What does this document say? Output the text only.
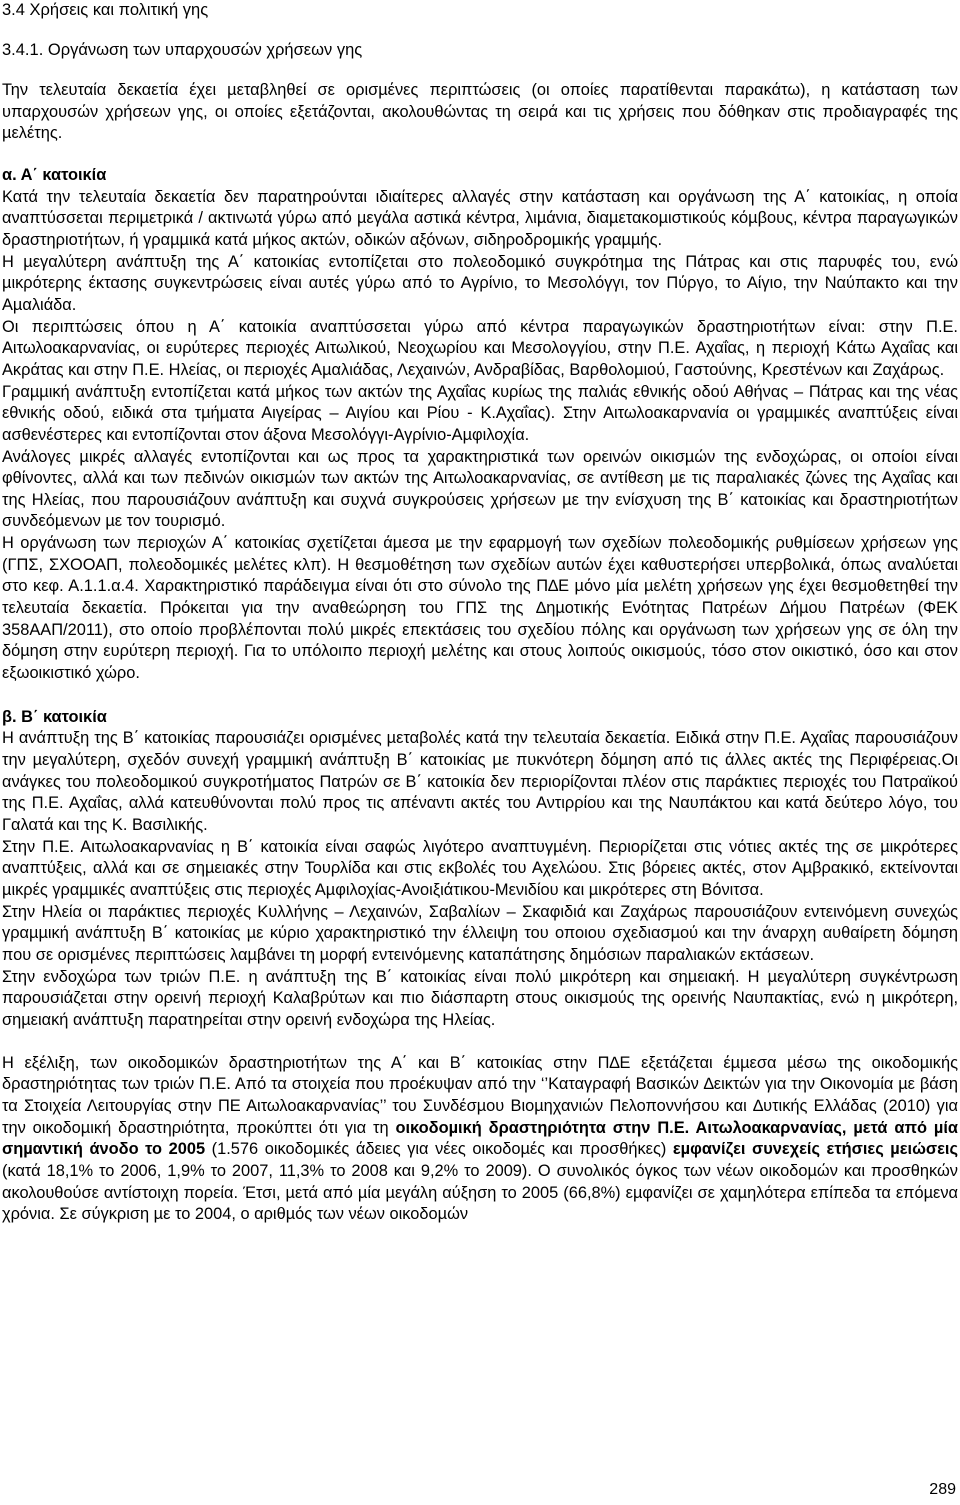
3.4 Χρήσεις και πολιτική γης
3.4.1. Οργάνωση των υπαρχουσών χρήσεων γης

Την τελευταία δεκαετία έχει µεταβληθεί σε ορισµένες περιπτώσεις (οι οποίες παρατίθενται παρακάτω), η κατάσταση των υπαρχουσών χρήσεων γης, οι οποίες εξετάζονται, ακολουθώντας τη σειρά και τις χρήσεις που δόθηκαν στις προδιαγραφές της µελέτης.

α. Α΄ κατοικία

Κατά την τελευταία δεκαετία δεν παρατηρούνται ιδιαίτερες αλλαγές στην κατάσταση και οργάνωση της Α΄ κατοικίας, η οποία αναπτύσσεται περιµετρικά / ακτινωτά γύρω από µεγάλα αστικά κέντρα, λιµάνια, διαµετακοµιστικούς κόµβους, κέντρα παραγωγικών δραστηριοτήτων, ή γραµµικά κατά µήκος ακτών, οδικών αξόνων, σιδηροδροµικής γραµµής.

Η µεγαλύτερη ανάπτυξη της Α΄ κατοικίας εντοπίζεται στο πολεοδοµικό συγκρότηµα της Πάτρας και στις παρυφές του, ενώ µικρότερης έκτασης συγκεντρώσεις είναι αυτές γύρω από το Αγρίνιο, το Μεσολόγγι, τον Πύργο, το Αίγιο, την Ναύπακτο και την Αµαλιάδα.

Οι περιπτώσεις όπου η Α΄ κατοικία αναπτύσσεται γύρω από κέντρα παραγωγικών δραστηριοτήτων είναι: στην Π.Ε. Αιτωλοακαρνανίας, οι ευρύτερες περιοχές Αιτωλικού, Νεοχωρίου και Μεσολογγίου, στην Π.Ε. Αχαΐας, η περιοχή Κάτω Αχαΐας και Ακράτας και στην Π.Ε. Ηλείας, οι περιοχές Αµαλιάδας, Λεχαινών, Ανδραβίδας, Βαρθολοµιού, Γαστούνης, Κρεστένων και Ζαχάρως.

Γραµµική ανάπτυξη εντοπίζεται κατά µήκος των ακτών της Αχαΐας κυρίως της παλιάς εθνικής οδού Αθήνας – Πάτρας και της νέας εθνικής οδού, ειδικά στα τµήµατα Αιγείρας – Αιγίου και Ρίου - Κ.Αχαΐας). Στην Αιτωλοακαρνανία οι γραµµικές αναπτύξεις είναι ασθενέστερες και εντοπίζονται στον άξονα Μεσολόγγι-Αγρίνιο-Αµφιλοχία.

Ανάλογες µικρές αλλαγές εντοπίζονται και ως προς τα χαρακτηριστικά των ορεινών οικισµών της ενδοχώρας, οι οποίοι είναι φθίνοντες, αλλά και των πεδινών οικισµών των ακτών της Αιτωλοακαρνανίας, σε αντίθεση µε τις παραλιακές ζώνες της Αχαΐας και της Ηλείας, που παρουσιάζουν ανάπτυξη και συχνά συγκρούσεις χρήσεων µε την ενίσχυση της Β΄ κατοικίας και δραστηριοτήτων συνδεόµενων µε τον τουρισµό.

Η οργάνωση των περιοχών Α΄ κατοικίας σχετίζεται άµεσα µε την εφαρµογή των σχεδίων πολεοδοµικής ρυθµίσεων χρήσεων γης (ΓΠΣ, ΣΧΟΟΑΠ, πολεοδοµικές µελέτες κλπ). Η θεσµοθέτηση των σχεδίων αυτών έχει καθυστερήσει υπερβολικά, όπως αναλύεται στο κεφ. Α.1.1.α.4. Χαρακτηριστικό παράδειγµα είναι ότι στο σύνολο της Π∆Ε µόνο µία µελέτη χρήσεων γης έχει θεσµοθετηθεί την τελευταία δεκαετία. Πρόκειται για την αναθεώρηση του ΓΠΣ της ∆ηµοτικής Ενότητας Πατρέων ∆ήµου Πατρέων (ΦΕΚ 358ΑΑΠ/2011), στο οποίο προβλέπονται πολύ µικρές επεκτάσεις του σχεδίου πόλης και οργάνωση των χρήσεων γης σε όλη την δόµηση στην ευρύτερη περιοχή. Για το υπόλοιπο περιοχή µελέτης και στους λοιπούς οικισµούς, τόσο στον οικιστικό, όσο και στον εξωοικιστικό χώρο.

β. Β΄ κατοικία

Η ανάπτυξη της Β΄ κατοικίας παρουσιάζει ορισµένες µεταβολές κατά την τελευταία δεκαετία. Ειδικά στην Π.Ε. Αχαΐας παρουσιάζουν την µεγαλύτερη, σχεδόν συνεχή γραµµική ανάπτυξη Β΄ κατοικίας µε πυκνότερη δόµηση από τις άλλες ακτές της Περιφέρειας.Οι ανάγκες του πολεοδοµικού συγκροτήµατος Πατρών σε Β΄ κατοικία δεν περιορίζονται πλέον στις παράκτιες περιοχές του Πατραϊκού της Π.Ε. Αχαΐας, αλλά κατευθύνονται πολύ προς τις απέναντι ακτές του Αντιρρίου και της Ναυπάκτου και κατά δεύτερο λόγο, του Γαλατά και της Κ. Βασιλικής.

Στην Π.Ε. Αιτωλοακαρνανίας η Β΄ κατοικία είναι σαφώς λιγότερο αναπτυγµένη. Περιορίζεται στις νότιες ακτές της σε µικρότερες αναπτύξεις, αλλά και σε σηµειακές στην Τουρλίδα και στις εκβολές του Αχελώου. Στις βόρειες ακτές, στον Αµβρακικό, εκτείνονται µικρές γραµµικές αναπτύξεις στις περιοχές Αµφιλοχίας-Ανοιξιάτικου-Μενιδίου και µικρότερες στη Βόνιτσα.

Στην Ηλεία οι παράκτιες περιοχές Κυλλήνης – Λεχαινών, Σαβαλίων – Σκαφιδιά και Ζαχάρως παρουσιάζουν εντεινόµενη συνεχώς γραµµική ανάπτυξη Β΄ κατοικίας µε κύριο χαρακτηριστικό την έλλειψη του οποιου σχεδιασµού και την άναρχη αυθαίρετη δόµηση που σε ορισµένες περιπτώσεις λαµβάνει τη µορφή εντεινόµενης καταπάτησης δηµόσιων παραλιακών εκτάσεων.

Στην ενδοχώρα των τριών Π.Ε. η ανάπτυξη της Β΄ κατοικίας είναι πολύ µικρότερη και σηµειακή. Η µεγαλύτερη συγκέντρωση παρουσιάζεται στην ορεινή περιοχή Καλαβρύτων και πιο διάσπαρτη στους οικισµούς της ορεινής Ναυπακτίας, ενώ η µικρότερη, σηµειακή ανάπτυξη παρατηρείται στην ορεινή ενδοχώρα της Ηλείας.

Η εξέλιξη, των οικοδοµικών δραστηριοτήτων της Α΄ και Β΄ κατοικίας στην Π∆Ε εξετάζεται έµµεσα µέσω της οικοδοµικής δραστηριότητας των τριών Π.Ε. Από τα στοιχεία που προέκυψαν από την ‘’Καταγραφή Βασικών ∆εικτών για την Οικονοµία µε βάση τα Στοιχεία Λειτουργίας στην ΠΕ Αιτωλοακαρνανίας’’ του Συνδέσµου Βιοµηχανιών Πελοποννήσου και ∆υτικής Ελλάδας (2010) για την οικοδοµική δραστηριότητα, προκύπτει ότι για τη οικοδοµική δραστηριότητα στην Π.Ε. Αιτωλοακαρνανίας, µετά από µία σηµαντική άνοδο το 2005 (1.576 οικοδοµικές άδειες για νέες οικοδοµές και προσθήκες) εµφανίζει συνεχείς ετήσιες µειώσεις (κατά 18,1% το 2006, 1,9% το 2007, 11,3% το 2008 και 9,2% το 2009). Ο συνολικός όγκος των νέων οικοδοµών και προσθηκών ακολουθούσε αντίστοιχη πορεία. Έτσι, µετά από µία µεγάλη αύξηση το 2005 (66,8%) εµφανίζει σε χαµηλότερα επίπεδα τα επόµενα χρόνια. Σε σύγκριση µε το 2004, ο αριθµός των νέων οικοδοµών

289
